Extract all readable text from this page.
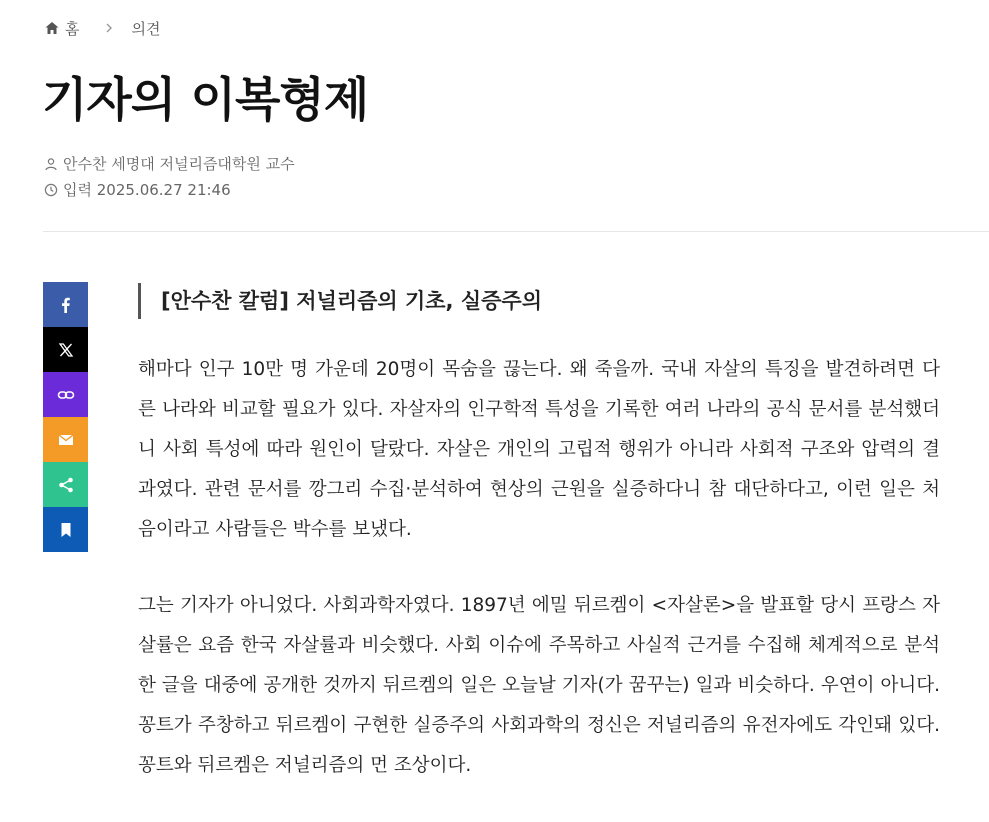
홈	의견
기자의 이복형제
안수찬 세명대 저널리즘대학원 교수
입력 2025.06.27 21:46
[안수찬 칼럼] 저널리즘의 기초, 실증주의

해마다 인구 10만 명 가운데 20명이 목숨을 끊는다. 왜 죽을까. 국내 자살의 특징을 발견하려면 다른 나라와 비교할 필요가 있다. 자살자의 인구학적 특성을 기록한 여러 나라의 공식 문서를 분석했더니 사회 특성에 따라 원인이 달랐다. 자살은 개인의 고립적 행위가 아니라 사회적 구조와 압력의 결과였다. 관련 문서를 깡그리 수집·분석하여 현상의 근원을 실증하다니 참 대단하다고, 이런 일은 처음이라고 사람들은 박수를 보냈다.

그는 기자가 아니었다. 사회과학자였다. 1897년 에밀 뒤르켐이 <자살론>을 발표할 당시 프랑스 자살률은 요즘 한국 자살률과 비슷했다. 사회 이슈에 주목하고 사실적 근거를 수집해 체계적으로 분석한 글을 대중에 공개한 것까지 뒤르켐의 일은 오늘날 기자(가 꿈꾸는) 일과 비슷하다. 우연이 아니다. 꽁트가 주창하고 뒤르켐이 구현한 실증주의 사회과학의 정신은 저널리즘의 유전자에도 각인돼 있다. 꽁트와 뒤르켐은 저널리즘의 먼 조상이다.
